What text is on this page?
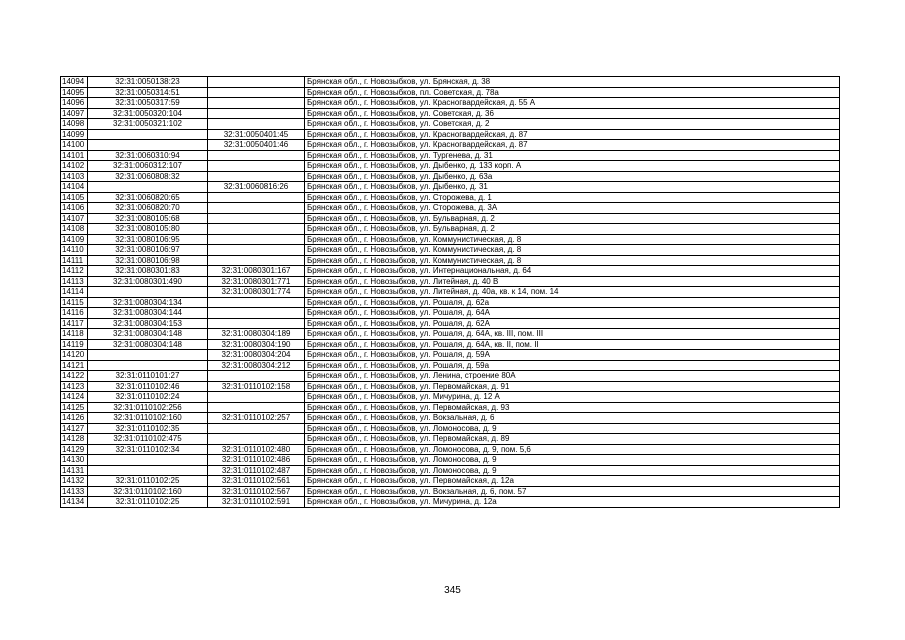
14094	32:31:0050138:23		Брянская обл., г. Новозыбков, ул. Брянская, д. 38
14095	32:31:0050314:51		Брянская обл., г. Новозыбков, пл. Советская, д. 78а
14096	32:31:0050317:59		Брянская обл., г. Новозыбков, ул. Красногвардейская, д. 55 А
14097	32:31:0050320:104		Брянская обл., г. Новозыбков, ул. Советская, д. 36
14098	32:31:0050321:102		Брянская обл., г. Новозыбков, ул. Советская, д. 2
14099		32:31:0050401:45	Брянская обл., г. Новозыбков, ул. Красногвардейская, д. 87
14100		32:31:0050401:46	Брянская обл., г. Новозыбков, ул. Красногвардейская, д. 87
14101	32:31:0060310:94		Брянская обл., г. Новозыбков, ул. Тургенева, д. 31
14102	32:31:0060312:107		Брянская обл., г. Новозыбков, ул. Дыбенко, д. 133 корп. А
14103	32:31:0060808:32		Брянская обл., г. Новозыбков, ул. Дыбенко, д. 63а
14104		32:31:0060816:26	Брянская обл., г. Новозыбков, ул. Дыбенко, д. 31
14105	32:31:0060820:65		Брянская обл., г. Новозыбков, ул. Сторожева, д. 1
14106	32:31:0060820:70		Брянская обл., г. Новозыбков, ул. Сторожева, д. 3А
14107	32:31:0080105:68		Брянская обл., г. Новозыбков, ул. Бульварная, д. 2
14108	32:31:0080105:80		Брянская обл., г. Новозыбков, ул. Бульварная, д. 2
14109	32:31:0080106:95		Брянская обл., г. Новозыбков, ул. Коммунистическая, д. 8
14110	32:31:0080106:97		Брянская обл., г. Новозыбков, ул. Коммунистическая, д. 8
14111	32:31:0080106:98		Брянская обл., г. Новозыбков, ул. Коммунистическая, д. 8
14112	32:31:0080301:83	32:31:0080301:167	Брянская обл., г. Новозыбков, ул. Интернациональная, д. 64
14113	32:31:0080301:490	32:31:0080301:771	Брянская обл., г. Новозыбков, ул. Литейная, д. 40 В
14114		32:31:0080301:774	Брянская обл., г. Новозыбков, ул. Литейная, д. 40а, кв. к 14, пом. 14
14115	32:31:0080304:134		Брянская обл., г. Новозыбков, ул. Рошаля, д. 62а
14116	32:31:0080304:144		Брянская обл., г. Новозыбков, ул. Рошаля, д. 64А
14117	32:31:0080304:153		Брянская обл., г. Новозыбков, ул. Рошаля, д. 62А
14118	32:31:0080304:148	32:31:0080304:189	Брянская обл., г. Новозыбков, ул. Рошаля, д. 64А, кв. III, пом. III
14119	32:31:0080304:148	32:31:0080304:190	Брянская обл., г. Новозыбков, ул. Рошаля, д. 64А, кв. II, пом. II
14120		32:31:0080304:204	Брянская обл., г. Новозыбков, ул. Рошаля, д. 59А
14121		32:31:0080304:212	Брянская обл., г. Новозыбков, ул. Рошаля, д. 59а
14122	32:31:0110101:27		Брянская обл., г. Новозыбков, ул. Ленина, строение 80А
14123	32:31:0110102:46	32:31:0110102:158	Брянская обл., г. Новозыбков, ул. Первомайская, д. 91
14124	32:31:0110102:24		Брянская обл., г. Новозыбков, ул. Мичурина, д. 12 А
14125	32:31:0110102:256		Брянская обл., г. Новозыбков, ул. Первомайская, д. 93
14126	32:31:0110102:160	32:31:0110102:257	Брянская обл., г. Новозыбков, ул. Вокзальная, д. 6
14127	32:31:0110102:35		Брянская обл., г. Новозыбков, ул. Ломоносова, д. 9
14128	32:31:0110102:475		Брянская обл., г. Новозыбков, ул. Первомайская, д. 89
14129	32:31:0110102:34	32:31:0110102:480	Брянская обл., г. Новозыбков, ул. Ломоносова, д. 9, пом. 5,6
14130		32:31:0110102:486	Брянская обл., г. Новозыбков, ул. Ломоносова, д. 9
14131		32:31:0110102:487	Брянская обл., г. Новозыбков, ул. Ломоносова, д. 9
14132	32:31:0110102:25	32:31:0110102:561	Брянская обл., г. Новозыбков, ул. Первомайская, д. 12а
14133	32:31:0110102:160	32:31:0110102:567	Брянская обл., г. Новозыбков, ул. Вокзальная, д. 6, пом. 57
14134	32:31:0110102:25	32:31:0110102:591	Брянская обл., г. Новозыбков, ул. Мичурина, д. 12а
345
